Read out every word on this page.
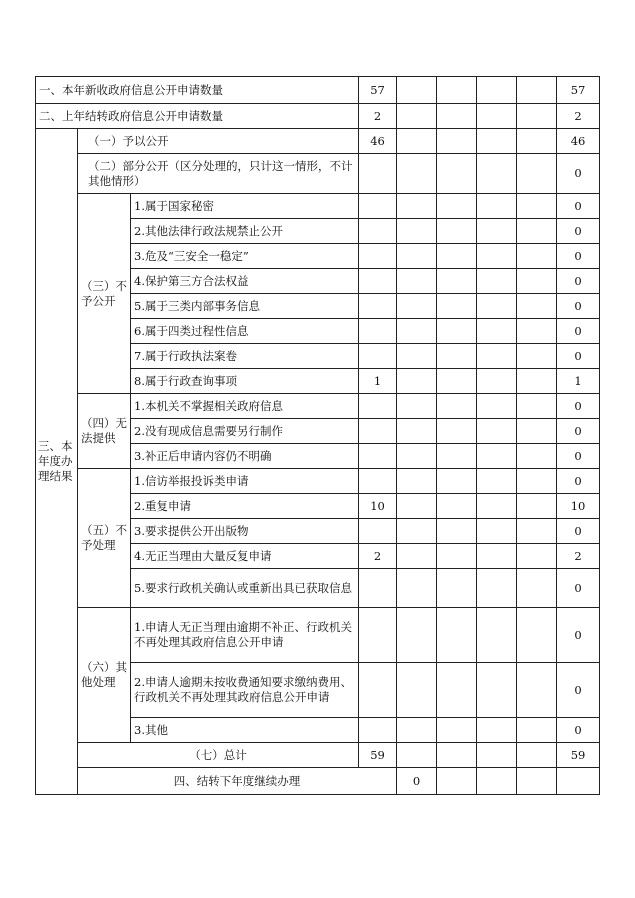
一、本年新收政府信息公开申请数量			57					57	
二、上年结转政府信息公开申请数量			2					2	
三、本年度办理结果	（一）予以公开		46					46	
	（二）部分公开（区分处理的，只计这一情形，不计其他情形）							0	
	（三）不予公开	1.属于国家秘密						0	
		2.其他法律行政法规禁止公开						0	
		3.危及“三安全一稳定”						0	
		4.保护第三方合法权益						0	
		5.属于三类内部事务信息						0	
		6.属于四类过程性信息						0	
		7.属于行政执法案卷						0	
		8.属于行政查询事项	1					1	
	（四）无法提供	1.本机关不掌握相关政府信息						0	
		2.没有现成信息需要另行制作						0	
		3.补正后申请内容仍不明确						0	
	（五）不予处理	1.信访举报投诉类申请						0	
		2.重复申请	10					10	
		3.要求提供公开出版物						0	
		4.无正当理由大量反复申请	2					2	
		5.要求行政机关确认或重新出具已获取信息						0	
	（六）其他处理	1.申请人无正当理由逾期不补正、行政机关不再处理其政府信息公开申请						0	
		2.申请人逾期未按收费通知要求缴纳费用、行政机关不再处理其政府信息公开申请						0	
		3.其他						0	
	（七）总计		59					59	
	四、结转下年度继续办理			0					
